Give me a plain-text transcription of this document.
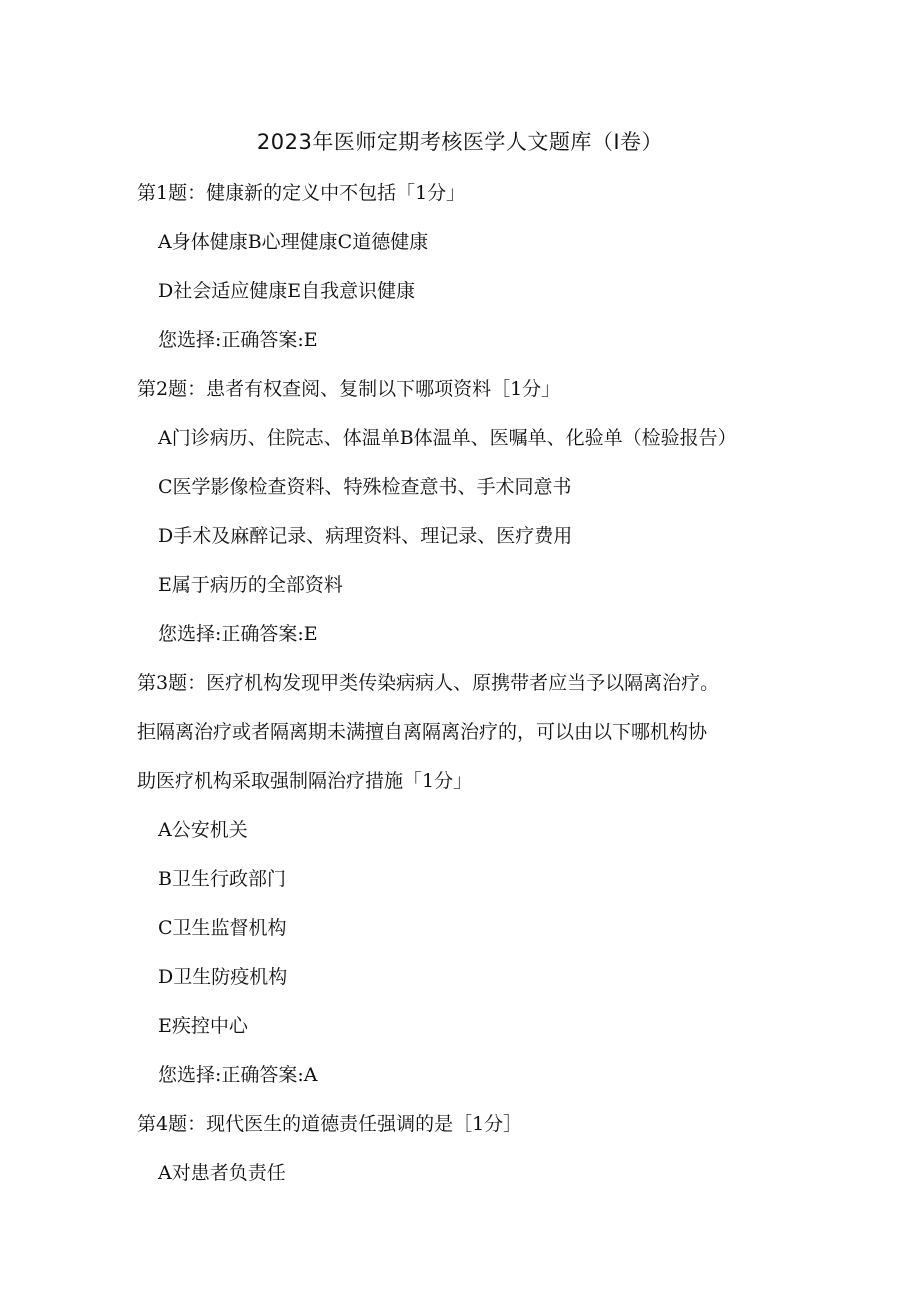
2023年医师定期考核医学人文题库（I卷）
第1题：健康新的定义中不包括「1分」
A身体健康B心理健康C道德健康
D社会适应健康E自我意识健康
您选择:正确答案:E
第2题：患者有权查阅、复制以下哪项资料［1分」
A门诊病历、住院志、体温单B体温单、医嘱单、化验单（检验报告）
C医学影像检查资料、特殊检查意书、手术同意书
D手术及麻醉记录、病理资料、理记录、医疗费用
E属于病历的全部资料
您选择:正确答案:E
第3题：医疗机构发现甲类传染病病人、原携带者应当予以隔离治疗。
拒隔离治疗或者隔离期未满擅自离隔离治疗的，可以由以下哪机构协
助医疗机构采取强制隔治疗措施「1分」
A公安机关
B卫生行政部门
C卫生监督机构
D卫生防疫机构
E疾控中心
您选择:正确答案:A
第4题：现代医生的道德责任强调的是［1分］
A对患者负责任
